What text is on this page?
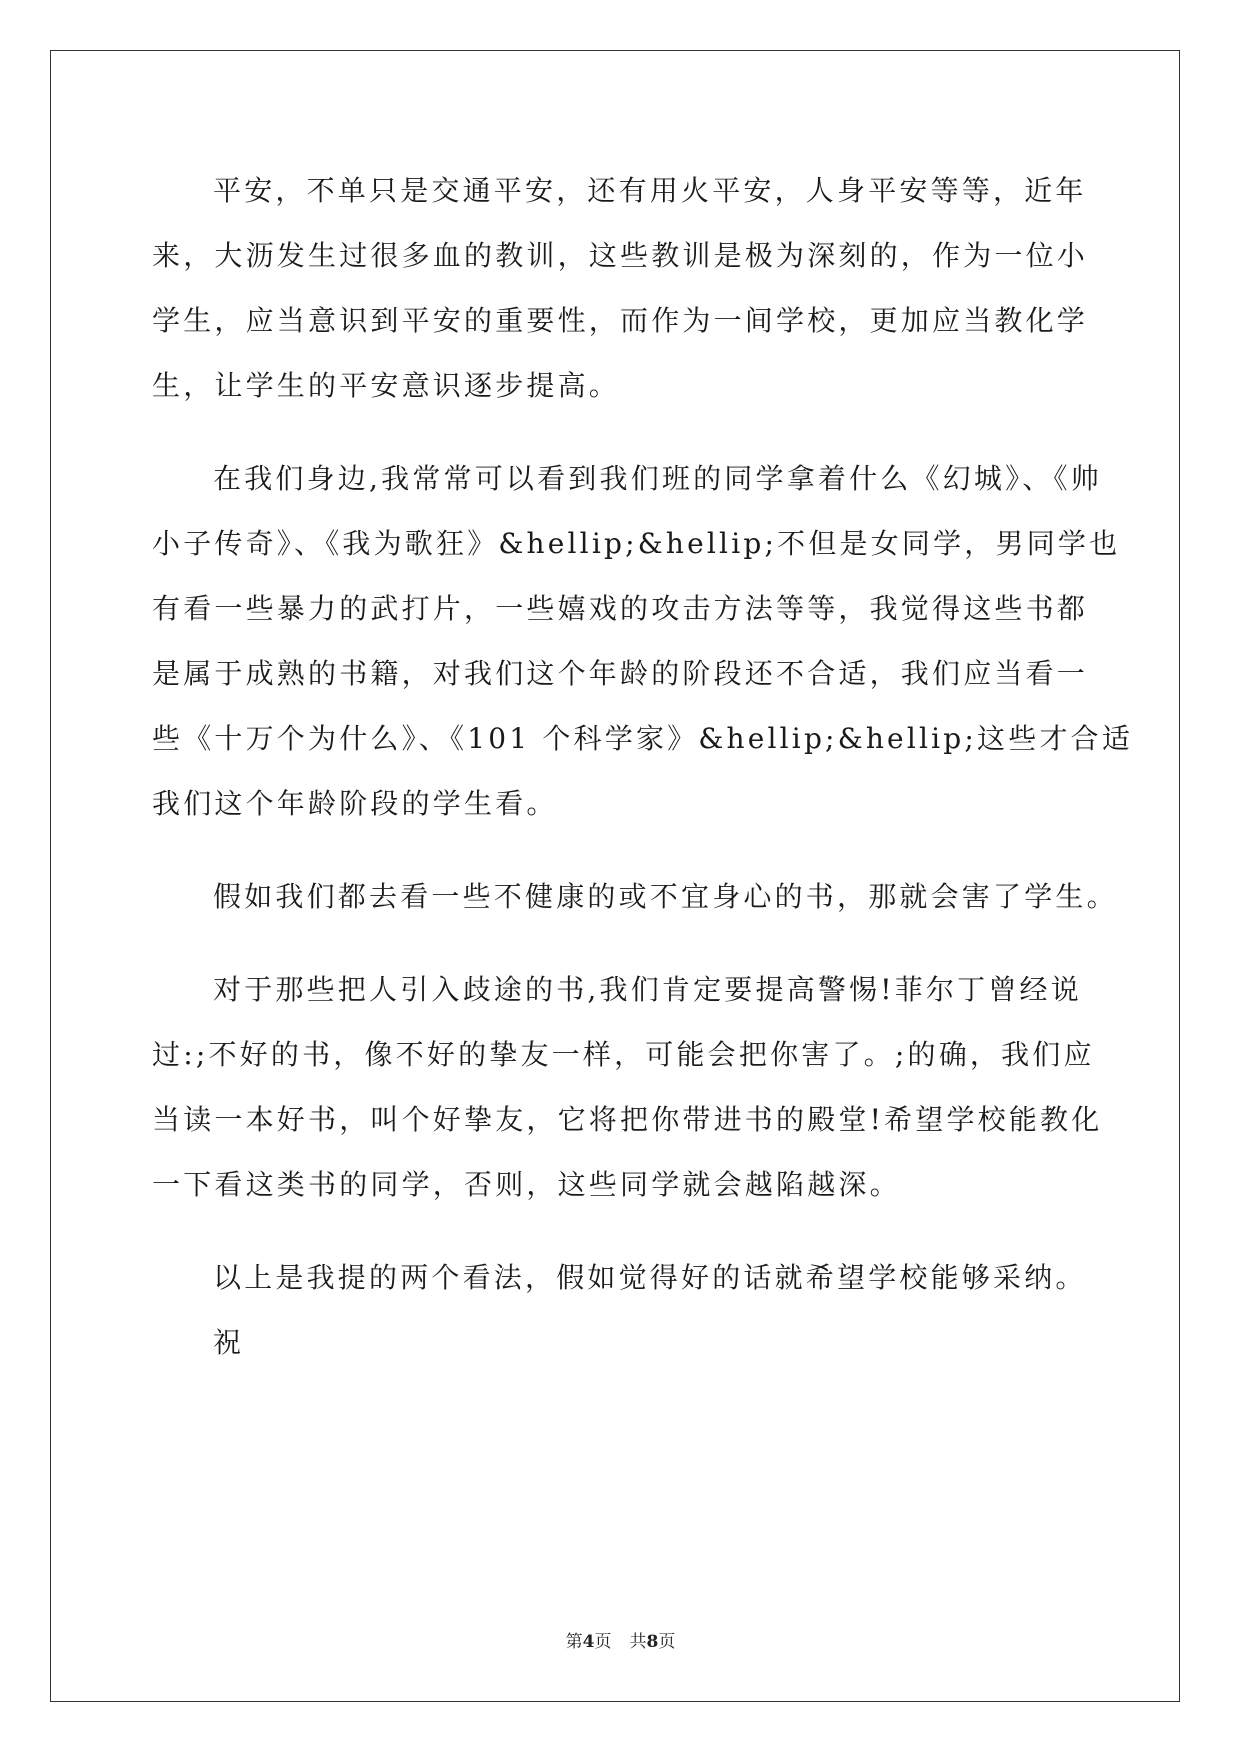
平安，不单只是交通平安，还有用火平安，人身平安等等，近年
来，大沥发生过很多血的教训，这些教训是极为深刻的，作为一位小
学生，应当意识到平安的重要性，而作为一间学校，更加应当教化学
生，让学生的平安意识逐步提高。
在我们身边,我常常可以看到我们班的同学拿着什么《幻城》、《帅
小子传奇》、《我为歌狂》&hellip;&hellip;不但是女同学，男同学也
有看一些暴力的武打片，一些嬉戏的攻击方法等等，我觉得这些书都
是属于成熟的书籍，对我们这个年龄的阶段还不合适，我们应当看一
些《十万个为什么》、《101 个科学家》&hellip;&hellip;这些才合适
我们这个年龄阶段的学生看。
假如我们都去看一些不健康的或不宜身心的书，那就会害了学生。
对于那些把人引入歧途的书,我们肯定要提高警惕!菲尔丁曾经说
过:;不好的书，像不好的挚友一样，可能会把你害了。;的确，我们应
当读一本好书，叫个好挚友，它将把你带进书的殿堂!希望学校能教化
一下看这类书的同学，否则，这些同学就会越陷越深。
以上是我提的两个看法，假如觉得好的话就希望学校能够采纳。
祝
第4页 共8页
